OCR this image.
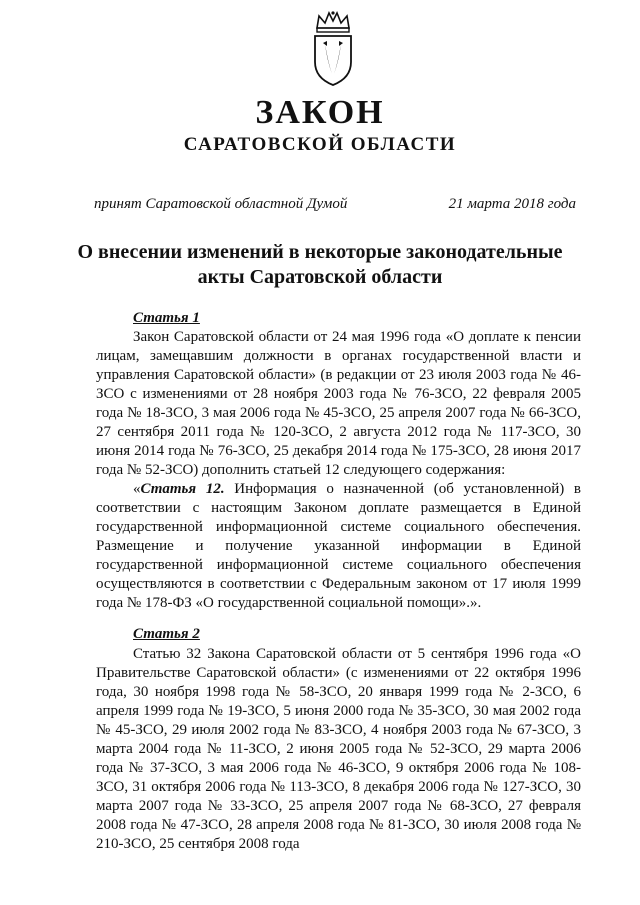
ЗАКОН
САРАТОВСКОЙ ОБЛАСТИ
принят Саратовской областной Думой	21 марта 2018 года
О внесении изменений в некоторые законодательные
акты Саратовской области
Статья 1

Закон Саратовской области от 24 мая 1996 года «О доплате к пенсии лицам, замещавшим должности в органах государственной власти и управления Саратовской области» (в редакции от 23 июля 2003 года № 46-ЗСО с изменениями от 28 ноября 2003 года № 76-ЗСО, 22 февраля 2005 года № 18-ЗСО, 3 мая 2006 года № 45-ЗСО, 25 апреля 2007 года № 66-ЗСО, 27 сентября 2011 года № 120-ЗСО, 2 августа 2012 года № 117-ЗСО, 30 июня 2014 года № 76-ЗСО, 25 декабря 2014 года № 175-ЗСО, 28 июня 2017 года № 52-ЗСО) дополнить статьей 12 следующего содержания:

«Статья 12. Информация о назначенной (об установленной) в соответствии с настоящим Законом доплате размещается в Единой государственной информационной системе социального обеспечения. Размещение и получение указанной информации в Единой государственной информационной системе социального обеспечения осуществляются в соответствии с Федеральным законом от 17 июля 1999 года № 178-ФЗ «О государственной социальной помощи».».

Статья 2

Статью 32 Закона Саратовской области от 5 сентября 1996 года «О Правительстве Саратовской области» (с изменениями от 22 октября 1996 года, 30 ноября 1998 года № 58-ЗСО, 20 января 1999 года № 2-ЗСО, 6 апреля 1999 года № 19-ЗСО, 5 июня 2000 года № 35-ЗСО, 30 мая 2002 года № 45-ЗСО, 29 июля 2002 года № 83-ЗСО, 4 ноября 2003 года № 67-ЗСО, 3 марта 2004 года № 11-ЗСО, 2 июня 2005 года № 52-ЗСО, 29 марта 2006 года № 37-ЗСО, 3 мая 2006 года № 46-ЗСО, 9 октября 2006 года № 108-ЗСО, 31 октября 2006 года № 113-ЗСО, 8 декабря 2006 года № 127-ЗСО, 30 марта 2007 года № 33-ЗСО, 25 апреля 2007 года № 68-ЗСО, 27 февраля 2008 года № 47-ЗСО, 28 апреля 2008 года № 81-ЗСО, 30 июля 2008 года № 210-ЗСО, 25 сентября 2008 года
